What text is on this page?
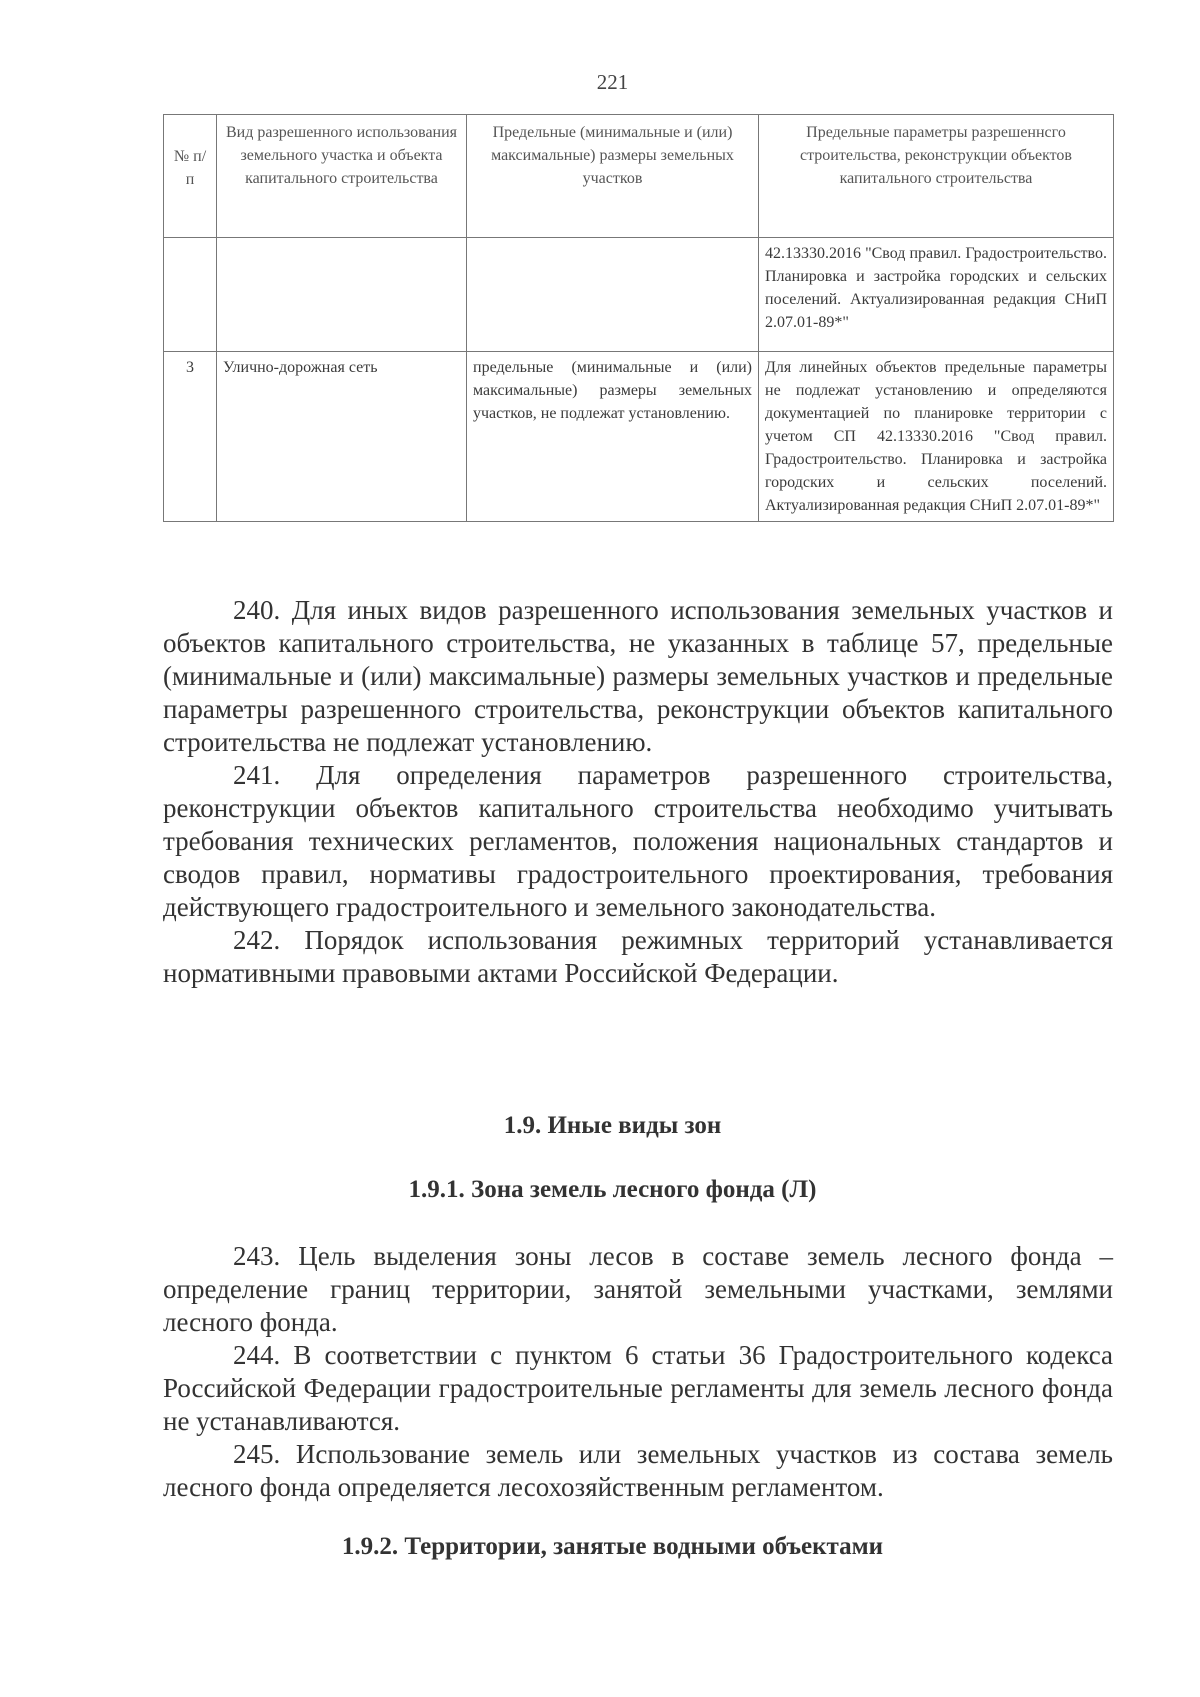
221
№ п/п	Вид разрешенного использования земельного участка и объекта капитального строительства	Предельные (минимальные и (или) максимальные) размеры земельных участков	Предельные параметры разрешеннсго строительства, реконструкции объектов капитального строительства
			42.13330.2016 "Свод правил. Градостроительство. Планировка и застройка городских и сельских поселений. Актуализированная редакция СНиП 2.07.01-89*"
3	Улично-дорожная сеть	предельные (минимальные и (или) максимальные) размеры земельных участков, не подлежат установлению.	Для линейных объектов предельные параметры не подлежат установлению и определяются документацией по планировке территории с учетом СП 42.13330.2016 "Свод правил. Градостроительство. Планировка и застройка городских и сельских поселений. Актуализированная редакция СНиП 2.07.01-89*"

240. Для иных видов разрешенного использования земельных участков и объектов капитального строительства, не указанных в таблице 57, предельные (минимальные и (или) максимальные) размеры земельных участков и предельные параметры разрешенного строительства, реконструкции объектов капитального строительства не подлежат установлению.

241. Для определения параметров разрешенного строительства, реконструкции объектов капитального строительства необходимо учитывать требования технических регламентов, положения национальных стандартов и сводов правил, нормативы градостроительного проектирования, требования действующего градостроительного и земельного законодательства.

242. Порядок использования режимных территорий устанавливается нормативными правовыми актами Российской Федерации.

1.9. Иные виды зон
1.9.1. Зона земель лесного фонда (Л)

243. Цель выделения зоны лесов в составе земель лесного фонда – определение границ территории, занятой земельными участками, землями лесного фонда.

244. В соответствии с пунктом 6 статьи 36 Градостроительного кодекса Российской Федерации градостроительные регламенты для земель лесного фонда не устанавливаются.

245. Использование земель или земельных участков из состава земель лесного фонда определяется лесохозяйственным регламентом.

1.9.2. Территории, занятые водными объектами
